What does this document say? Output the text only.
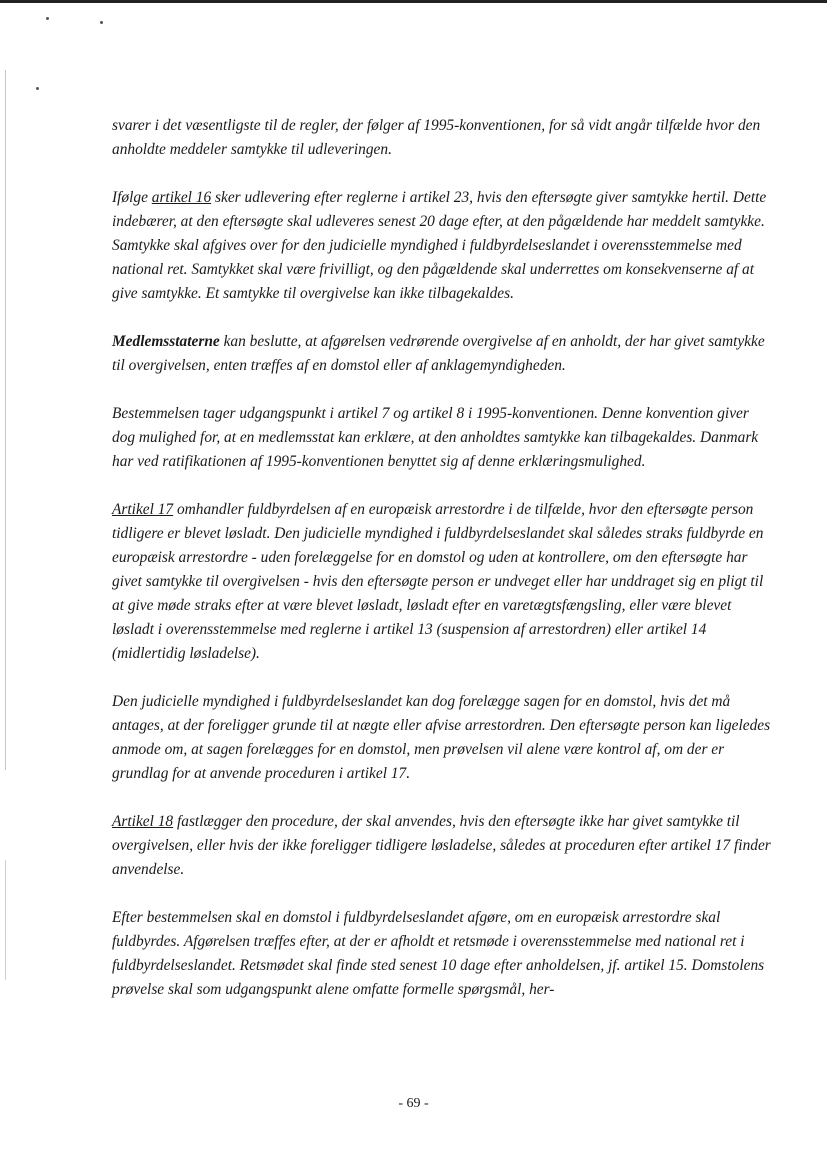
svarer i det væsentligste til de regler, der følger af 1995-konventionen, for så vidt angår tilfælde hvor den anholdte meddeler samtykke til udleveringen.

Ifølge artikel 16 sker udlevering efter reglerne i artikel 23, hvis den eftersøgte giver samtykke hertil. Dette indebærer, at den eftersøgte skal udleveres senest 20 dage efter, at den pågældende har meddelt samtykke. Samtykke skal afgives over for den judicielle myndighed i fuldbyrdelseslandet i overensstemmelse med national ret. Samtykket skal være frivilligt, og den pågældende skal underrettes om konsekvenserne af at give samtykke. Et samtykke til overgivelse kan ikke tilbagekaldes.

Medlemsstaterne kan beslutte, at afgørelsen vedrørende overgivelse af en anholdt, der har givet samtykke til overgivelsen, enten træffes af en domstol eller af anklagemyndigheden.

Bestemmelsen tager udgangspunkt i artikel 7 og artikel 8 i 1995-konventionen. Denne konvention giver dog mulighed for, at en medlemsstat kan erklære, at den anholdtes samtykke kan tilbagekaldes. Danmark har ved ratifikationen af 1995-konventionen benyttet sig af denne erklæringsmulighed.

Artikel 17 omhandler fuldbyrdelsen af en europæisk arrestordre i de tilfælde, hvor den eftersøgte person tidligere er blevet løsladt. Den judicielle myndighed i fuldbyrdelseslandet skal således straks fuldbyrde en europæisk arrestordre - uden forelæggelse for en domstol og uden at kontrollere, om den eftersøgte har givet samtykke til overgivelsen - hvis den eftersøgte person er undveget eller har unddraget sig en pligt til at give møde straks efter at være blevet løsladt, løsladt efter en varetægtsfængsling, eller være blevet løsladt i overensstemmelse med reglerne i artikel 13 (suspension af arrestordren) eller artikel 14 (midlertidig løsladelse).

Den judicielle myndighed i fuldbyrdelseslandet kan dog forelægge sagen for en domstol, hvis det må antages, at der foreligger grunde til at nægte eller afvise arrestordren. Den eftersøgte person kan ligeledes anmode om, at sagen forelægges for en domstol, men prøvelsen vil alene være kontrol af, om der er grundlag for at anvende proceduren i artikel 17.

Artikel 18 fastlægger den procedure, der skal anvendes, hvis den eftersøgte ikke har givet samtykke til overgivelsen, eller hvis der ikke foreligger tidligere løsladelse, således at proceduren efter artikel 17 finder anvendelse.

Efter bestemmelsen skal en domstol i fuldbyrdelseslandet afgøre, om en europæisk arrestordre skal fuldbyrdes. Afgørelsen træffes efter, at der er afholdt et retsmøde i overensstemmelse med national ret i fuldbyrdelseslandet. Retsmødet skal finde sted senest 10 dage efter anholdelsen, jf. artikel 15. Domstolens prøvelse skal som udgangspunkt alene omfatte formelle spørgsmål, her-

- 69 -
